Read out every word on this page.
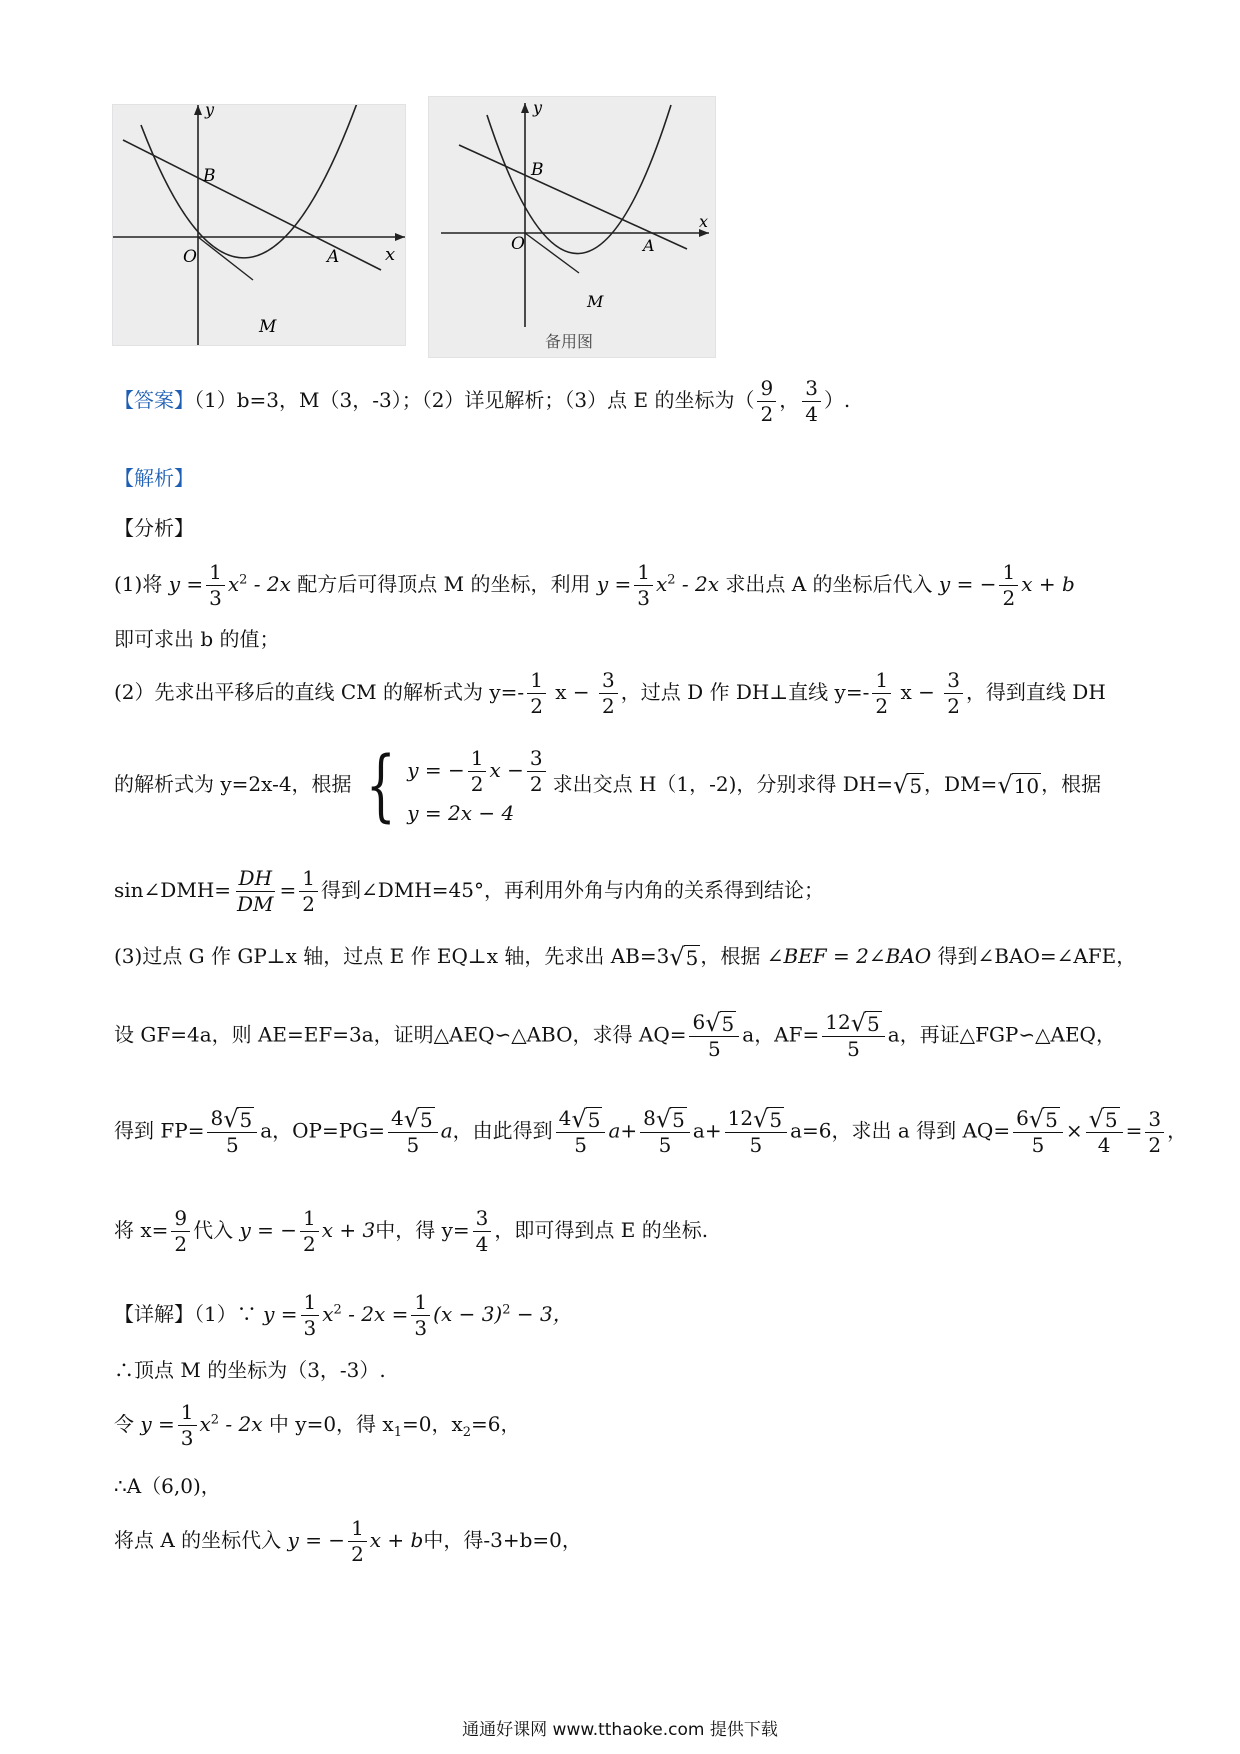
y
x
B
O	A
M
y
x
B
O	A
M
备用图
【答案】（1）b=3，M（3，-3）；（2）详见解析；（3）点 E 的坐标为（ $\frac{9}{2}$ ， $\frac{3}{4}$ ）.
【解析】
【分析】
(1)将 $y = \frac{1}{3} x^2 - 2x$ 配方后可得顶点 M 的坐标，利用 $y = \frac{1}{3} x^2 - 2x$ 求出点 A 的坐标后代入 y = − $\frac{1}{2}$ x + b
即可求出 b 的值；
(2）先求出平移后的直线 CM 的解析式为 $y=- \frac{1}{2}$ $x - \frac{3}{2}$ ，过点 D 作 DH⊥直线 $y=- \frac{1}{2}$ $x - \frac{3}{2}$ ，得到直线 DH
的解析式为 y=2x-4，根据 { y = − $\frac{1}{2}$ $x - \frac{3}{2}$
y = 2x − 4
求出交点 H（1，-2)，分别求得 DH= √ 5 ，DM= √ 10 ，根据
sin∠DMH= $\frac{DH}{DM} = \frac{1}{2}$ 得到∠DMH=45°，再利用外角与内角的关系得到结论；
(3)过点 G 作 GP⊥x 轴，过点 E 作 EQ⊥x 轴，先求出 AB=3 √ 5 ，根据 ∠BEF = 2∠BAO 得到∠BAO=∠AFE，
设 GF=4a，则 AE=EF=3a，证明△AEQ∽△ABO，求得 $AQ= \frac{6 √ 5}{5}$ a，$AF= \frac{12 √ 5}{5}$ a，再证△FGP∽△AEQ，
得到 $FP= \frac{8 √ 5}{5}$ a，$OP=PG= \frac{4 √ 5}{5}$ a，由此得到 $\frac{4 √ 5}{5} a+ \frac{8 √ 5}{5} a+ \frac{12 √ 5}{5} a=6$，求出 a 得到 $AQ= \frac{6 √ 5}{5} \times \frac{√ 5}{4} = \frac{3}{2}$ ，
将 $x= \frac{9}{2}$ 代入 y = − $\frac{1}{2}$ x + 3中，得 $y= \frac{3}{4}$ ，即可得到点 E 的坐标.
【详解】（1）∵ $y = \frac{1}{3} x^2 - 2x = \frac{1}{3} (x - 3)^2 - 3$，
∴顶点 M 的坐标为（3，-3）.
令 $y = \frac{1}{3} x^2 - 2x$ 中 y=0，得 $x_1=0$，$x_2=6$，
∴A（6,0)，
将点 A 的坐标代入 y = − $\frac{1}{2}$ x + b中，得-3+b=0，
通通好课网 www.tthaoke.com 提供下载
